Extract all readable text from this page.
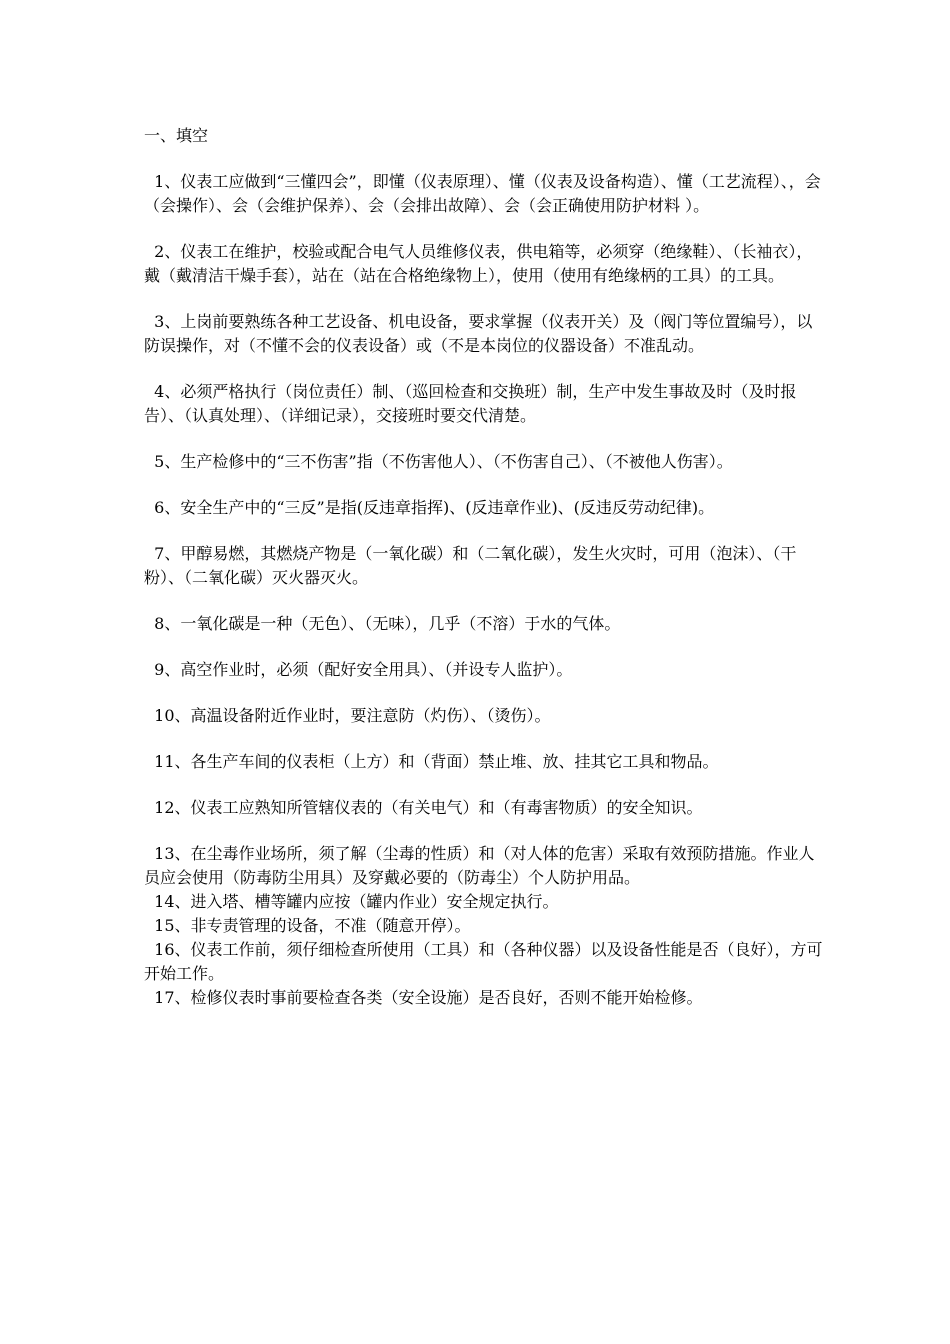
一、填空

1、仪表工应做到“三懂四会”，即懂（仪表原理）、懂（仪表及设备构造）、懂（工艺流程）、，会（会操作）、会（会维护保养）、会（会排出故障）、会（会正确使用防护材料 ）。

2、仪表工在维护，校验或配合电气人员维修仪表，供电箱等，必须穿（绝缘鞋）、（长袖衣），戴（戴清洁干燥手套），站在（站在合格绝缘物上），使用（使用有绝缘柄的工具）的工具。

3、上岗前要熟练各种工艺设备、机电设备，要求掌握（仪表开关）及（阀门等位置编号），以防误操作，对（不懂不会的仪表设备）或（不是本岗位的仪器设备）不准乱动。

4、必须严格执行（岗位责任）制、（巡回检查和交换班）制，生产中发生事故及时（及时报告）、（认真处理）、（详细记录），交接班时要交代清楚。

5、生产检修中的“三不伤害”指（不伤害他人）、（不伤害自己）、（不被他人伤害）。

6、安全生产中的“三反”是指(反违章指挥)、(反违章作业)、(反违反劳动纪律)。

7、甲醇易燃，其燃烧产物是（一氧化碳）和（二氧化碳），发生火灾时，可用（泡沫）、（干粉）、（二氧化碳）灭火器灭火。

8、一氧化碳是一种（无色）、（无味），几乎（不溶）于水的气体。

9、高空作业时，必须（配好安全用具）、（并设专人监护）。

10、高温设备附近作业时，要注意防（灼伤）、（烫伤）。

11、各生产车间的仪表柜（上方）和（背面）禁止堆、放、挂其它工具和物品。

12、仪表工应熟知所管辖仪表的（有关电气）和（有毒害物质）的安全知识。

13、在尘毒作业场所，须了解（尘毒的性质）和（对人体的危害）采取有效预防措施。作业人员应会使用（防毒防尘用具）及穿戴必要的（防毒尘）个人防护用品。

14、进入塔、槽等罐内应按（罐内作业）安全规定执行。

15、非专责管理的设备，不准（随意开停）。

16、仪表工作前，须仔细检查所使用（工具）和（各种仪器）以及设备性能是否（良好），方可开始工作。

17、检修仪表时事前要检查各类（安全设施）是否良好，否则不能开始检修。
